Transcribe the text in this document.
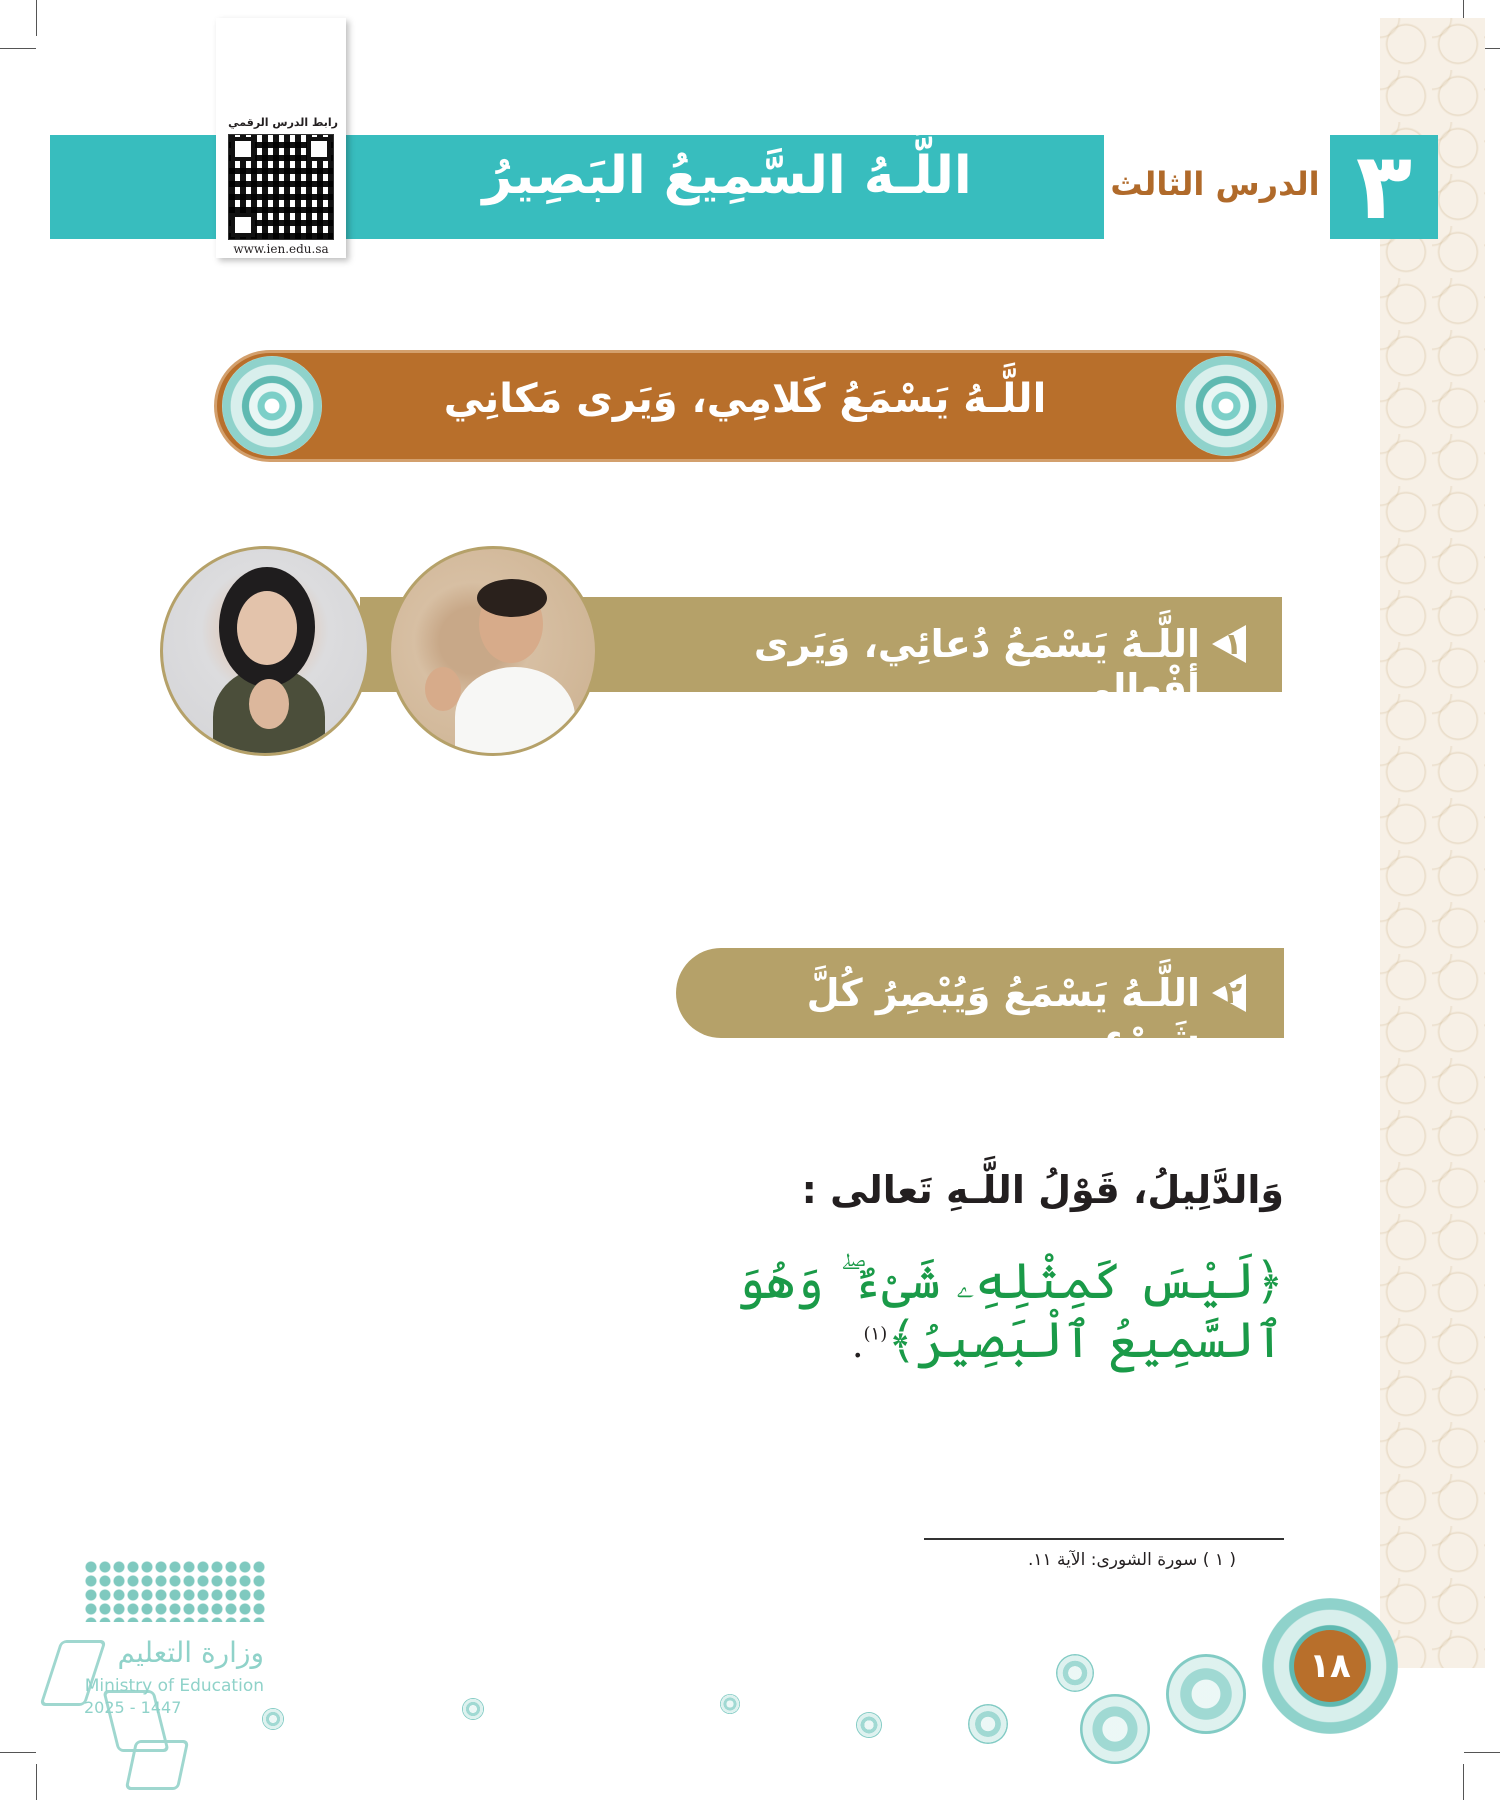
اللَّـهُ السَّمِيعُ البَصِيرُ	الدرس الثالث ٣
رابط الدرس الرقمي
www.ien.edu.sa
اللَّـهُ يَسْمَعُ كَلامِي، وَيَرى مَكانِي
١
اللَّـهُ يَسْمَعُ دُعائِي، وَيَرى أفْعالِي.
٢
اللَّـهُ يَسْمَعُ وَيُبْصِرُ كُلَّ شَيْءٍ.
وَالدَّلِيلُ، قَوْلُ اللَّـهِ تَعالى :
﴿لَيْسَ كَمِثْلِهِۦ شَىْءٌ ۖ وَهُوَ ٱلسَّمِيعُ ٱلْبَصِيرُ﴾$^{(١)}$.
( ١ ) سورة الشورى: الآية ١١.
١٨
وزارة التعليم
Ministry of Education
2025 - 1447
